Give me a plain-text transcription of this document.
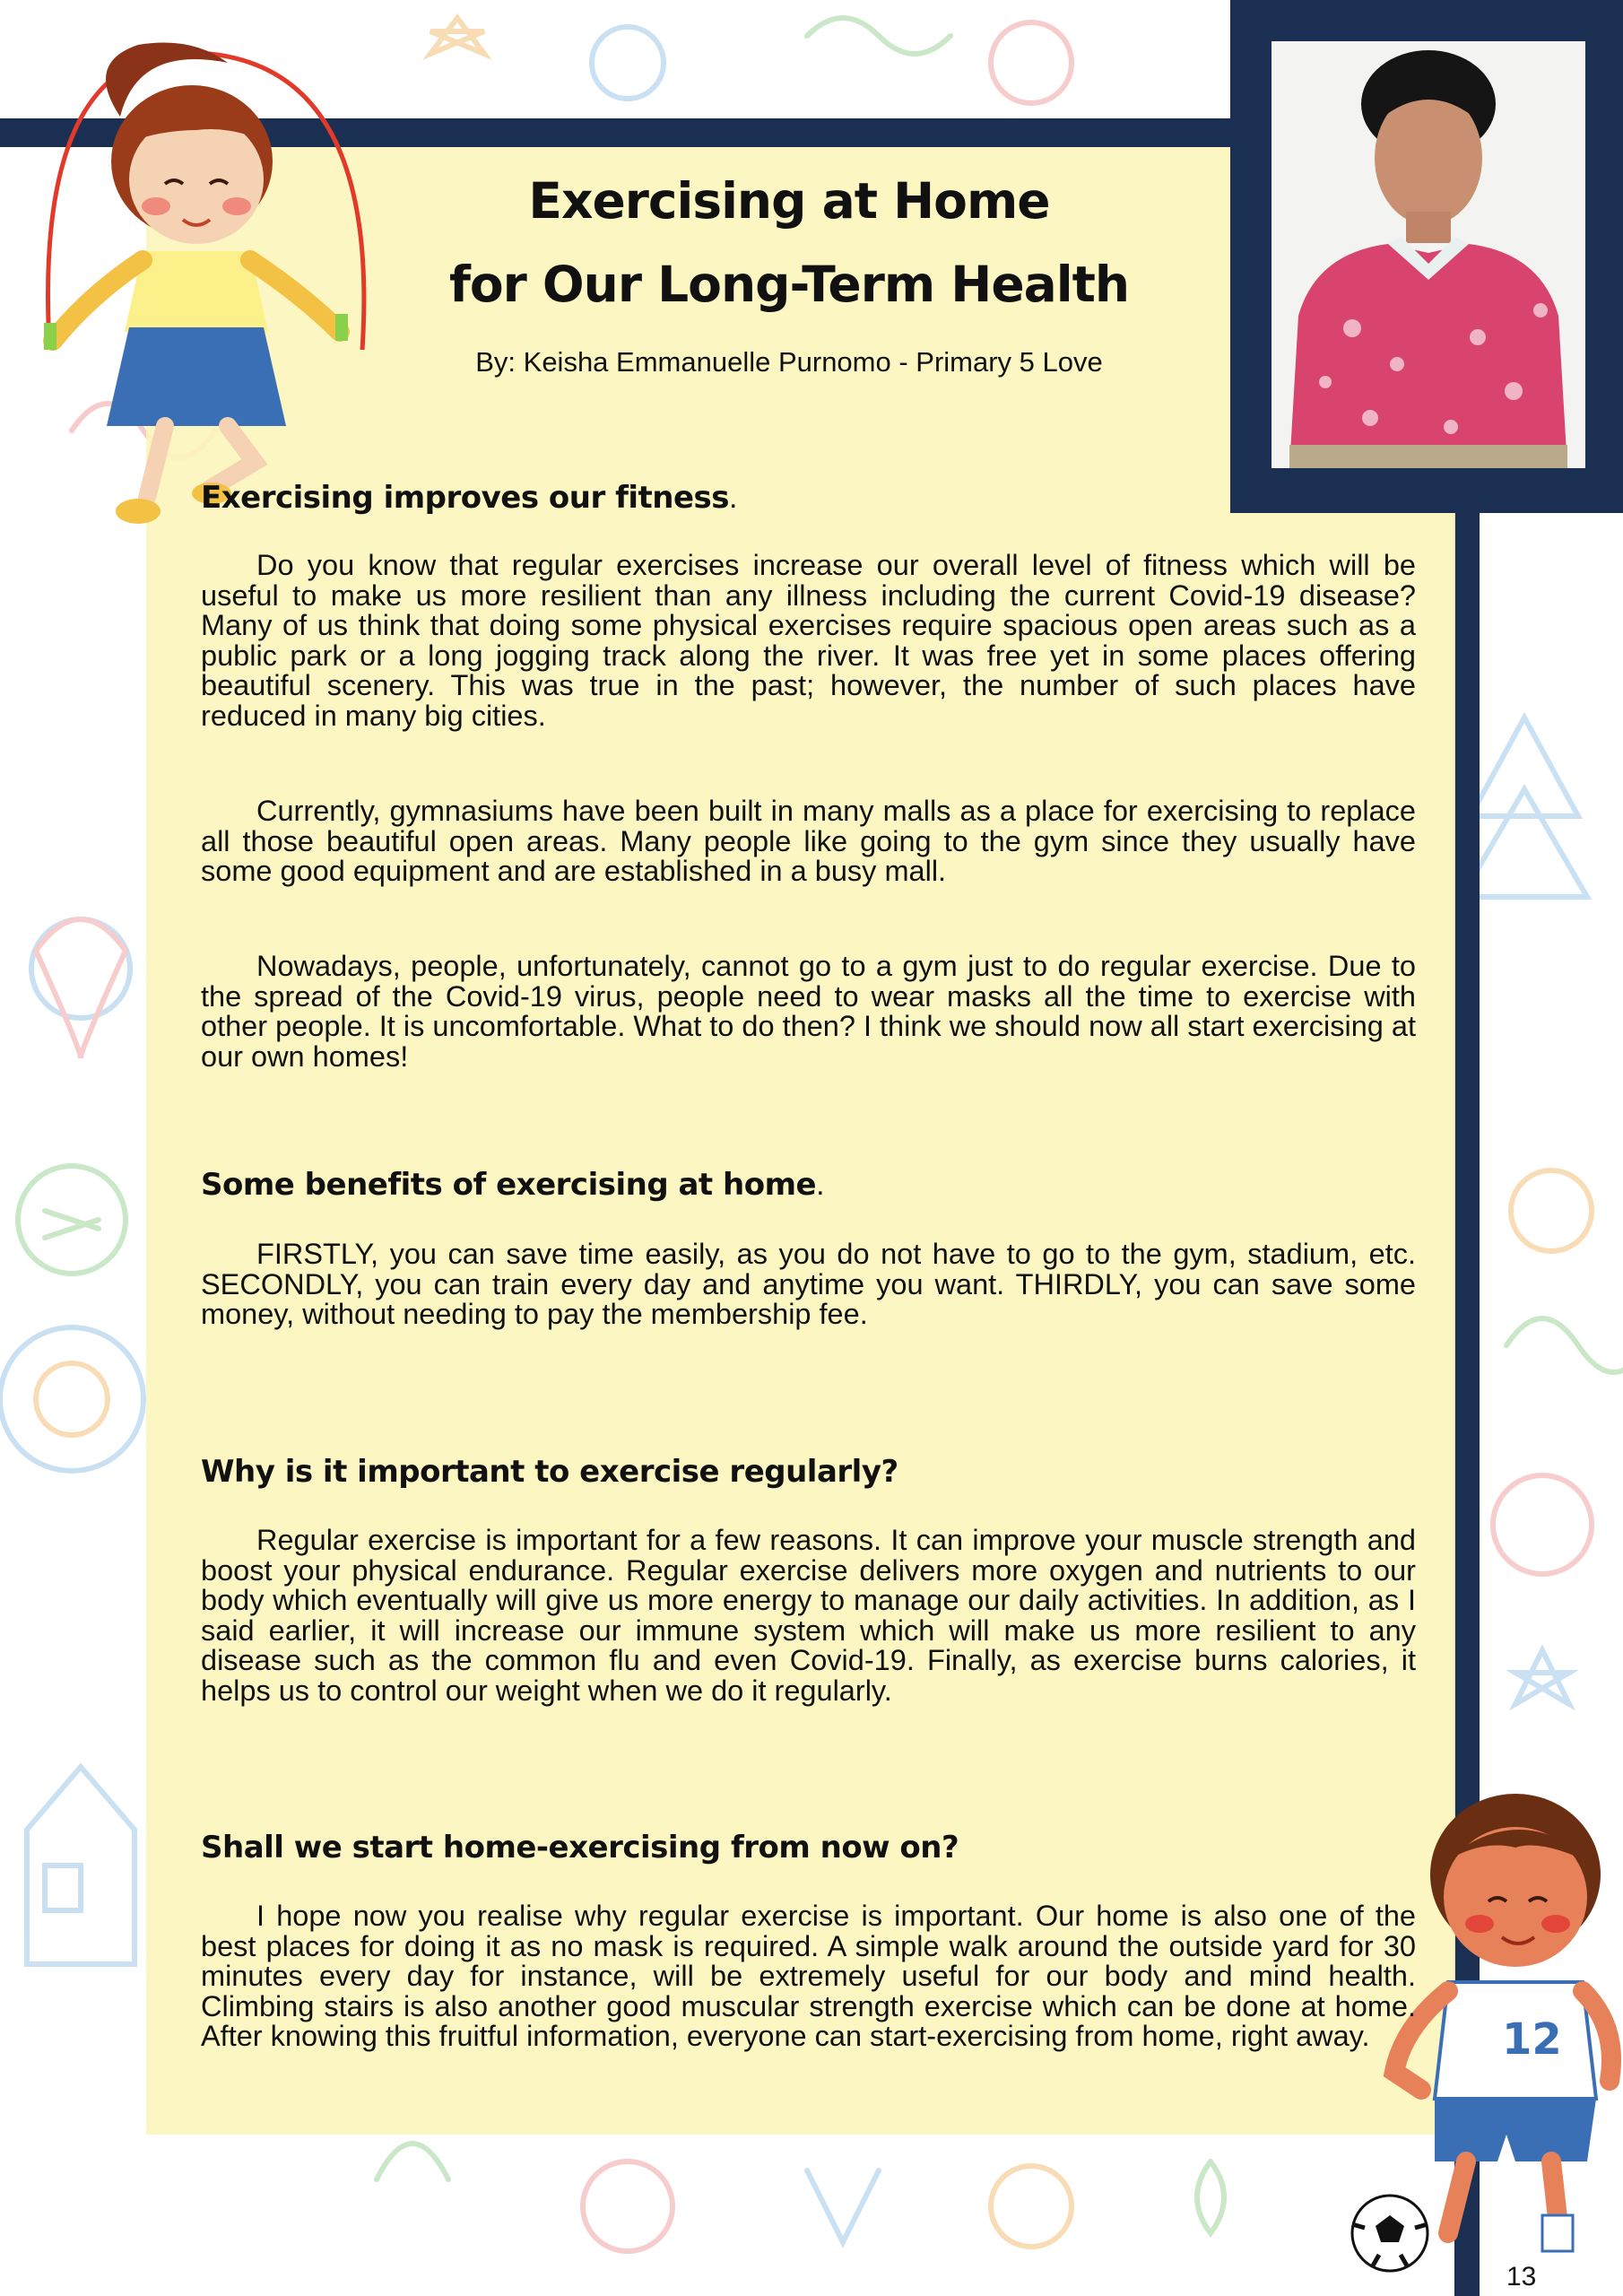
12
Exercising at Home
for Our Long-Term Health
By: Keisha Emmanuelle Purnomo - Primary 5 Love
Exercising improves our fitness.

Do you know that regular exercises increase our overall level of fitness which will be useful to make us more resilient than any illness including the current Covid-19 disease? Many of us think that doing some physical exercises require spacious open areas such as a public park or a long jogging track along the river. It was free yet in some places offering beautiful scenery. This was true in the past; however, the number of such places have reduced in many big cities.

Currently, gymnasiums have been built in many malls as a place for exercising to replace all those beautiful open areas. Many people like going to the gym since they usually have some good equipment and are established in a busy mall.

Nowadays, people, unfortunately, cannot go to a gym just to do regular exercise. Due to the spread of the Covid-19 virus, people need to wear masks all the time to exercise with other people. It is uncomfortable. What to do then? I think we should now all start exercising at our own homes!

Some benefits of exercising at home.

FIRSTLY, you can save time easily, as you do not have to go to the gym, stadium, etc. SECONDLY, you can train every day and anytime you want. THIRDLY, you can save some money, without needing to pay the membership fee.

Why is it important to exercise regularly?

Regular exercise is important for a few reasons. It can improve your muscle strength and boost your physical endurance. Regular exercise delivers more oxygen and nutrients to our body which eventually will give us more energy to manage our daily activities. In addition, as I said earlier, it will increase our immune system which will make us more resilient to any disease such as the common flu and even Covid-19. Finally, as exercise burns calories, it helps us to control our weight when we do it regularly.

Shall we start home-exercising from now on?

I hope now you realise why regular exercise is important. Our home is also one of the best places for doing it as no mask is required. A simple walk around the outside yard for 30 minutes every day for instance, will be extremely useful for our body and mind health. Climbing stairs is also another good muscular strength exercise which can be done at home. After knowing this fruitful information, everyone can start-exercising from home, right away.

13
